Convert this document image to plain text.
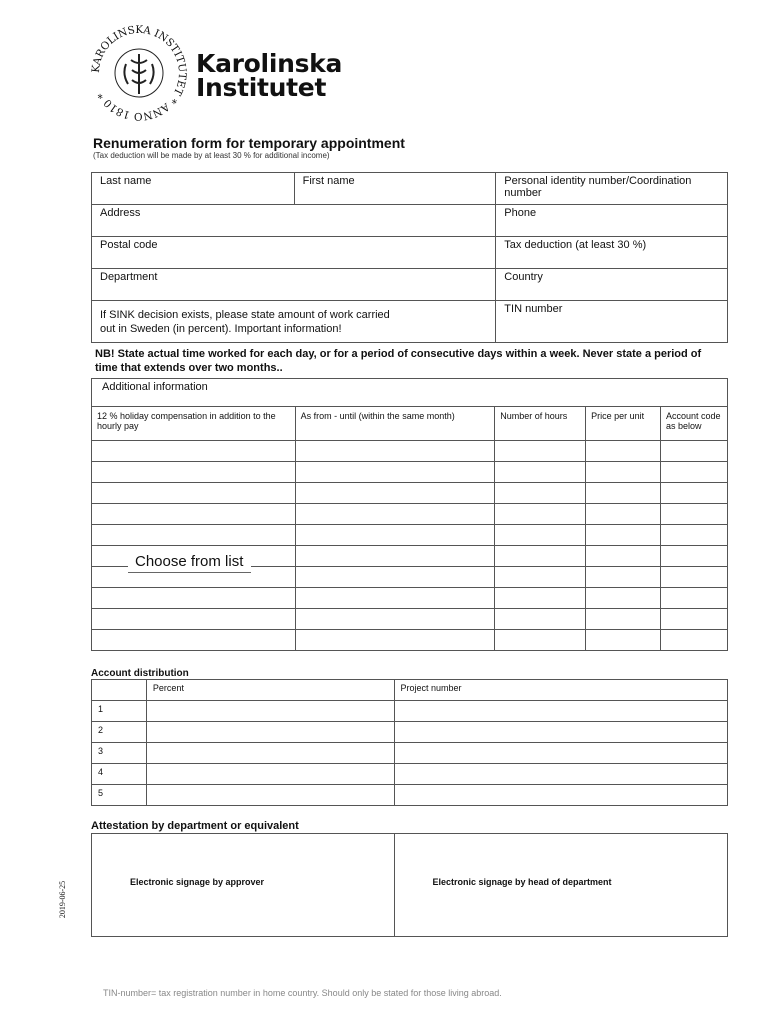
KAROLINSKA INSTITUTET * ANNO 1810 *
Karolinska
Institutet
Renumeration form for temporary appointment
(Tax deduction will be made by at least 30 % for additional income)
Last name	First name	Personal identity number/Coordination number
Address		Phone
Postal code		Tax deduction (at least 30 %)
Department		Country
If SINK decision exists, please state amount of work carried out in Sweden (in percent). Important information!		TIN number
NB! State actual time worked for each day, or for a period of consecutive days within a week. Never state a period of time that extends over two months..
Additional information				
12 % holiday compensation in addition to the hourly pay	As from - until (within the same month)	Number of hours	Price per unit	Account code as below

Choose from list
Account distribution
	Percent	Project number
1		
2		
3		
4		
5		
Attestation by department or equivalent
Electronic signage by approver	Electronic signage by head of department
2019-06-25
TIN-number= tax registration number in home country. Should only be stated for those living abroad.
